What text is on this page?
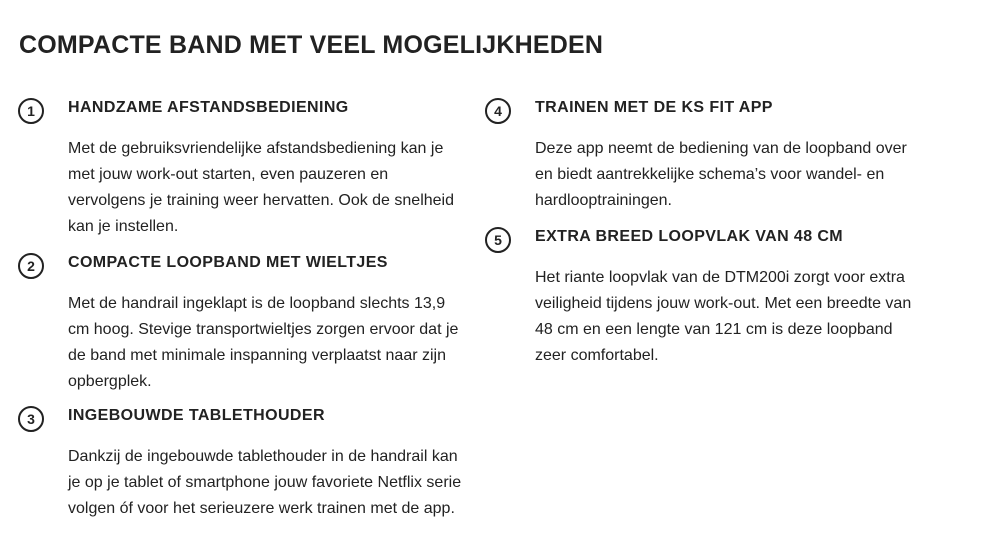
COMPACTE BAND MET VEEL MOGELIJKHEDEN
1	HANDZAME AFSTANDSBEDIENING

Met de gebruiksvriendelijke afstandsbediening kan je met jouw work-out starten, even pauzeren en vervolgens je training weer hervatten. Ook de snelheid kan je instellen.

2	COMPACTE LOOPBAND MET WIELTJES

Met de handrail ingeklapt is de loopband slechts 13,9 cm hoog. Stevige transportwieltjes zorgen ervoor dat je de band met minimale inspanning verplaatst naar zijn opbergplek.

3	INGEBOUWDE TABLETHOUDER

Dankzij de ingebouwde tablethouder in de handrail kan je op je tablet of smartphone jouw favoriete Netflix serie volgen óf voor het serieuzere werk trainen met de app.

4	TRAINEN MET DE KS FIT APP

Deze app neemt de bediening van de loopband over en biedt aantrekkelijke schema’s voor wandel- en hardlooptrainingen.

5	EXTRA BREED LOOPVLAK VAN 48 CM

Het riante loopvlak van de DTM200i zorgt voor extra veiligheid tijdens jouw work-out. Met een breedte van 48 cm en een lengte van 121 cm is deze loopband zeer comfortabel.
